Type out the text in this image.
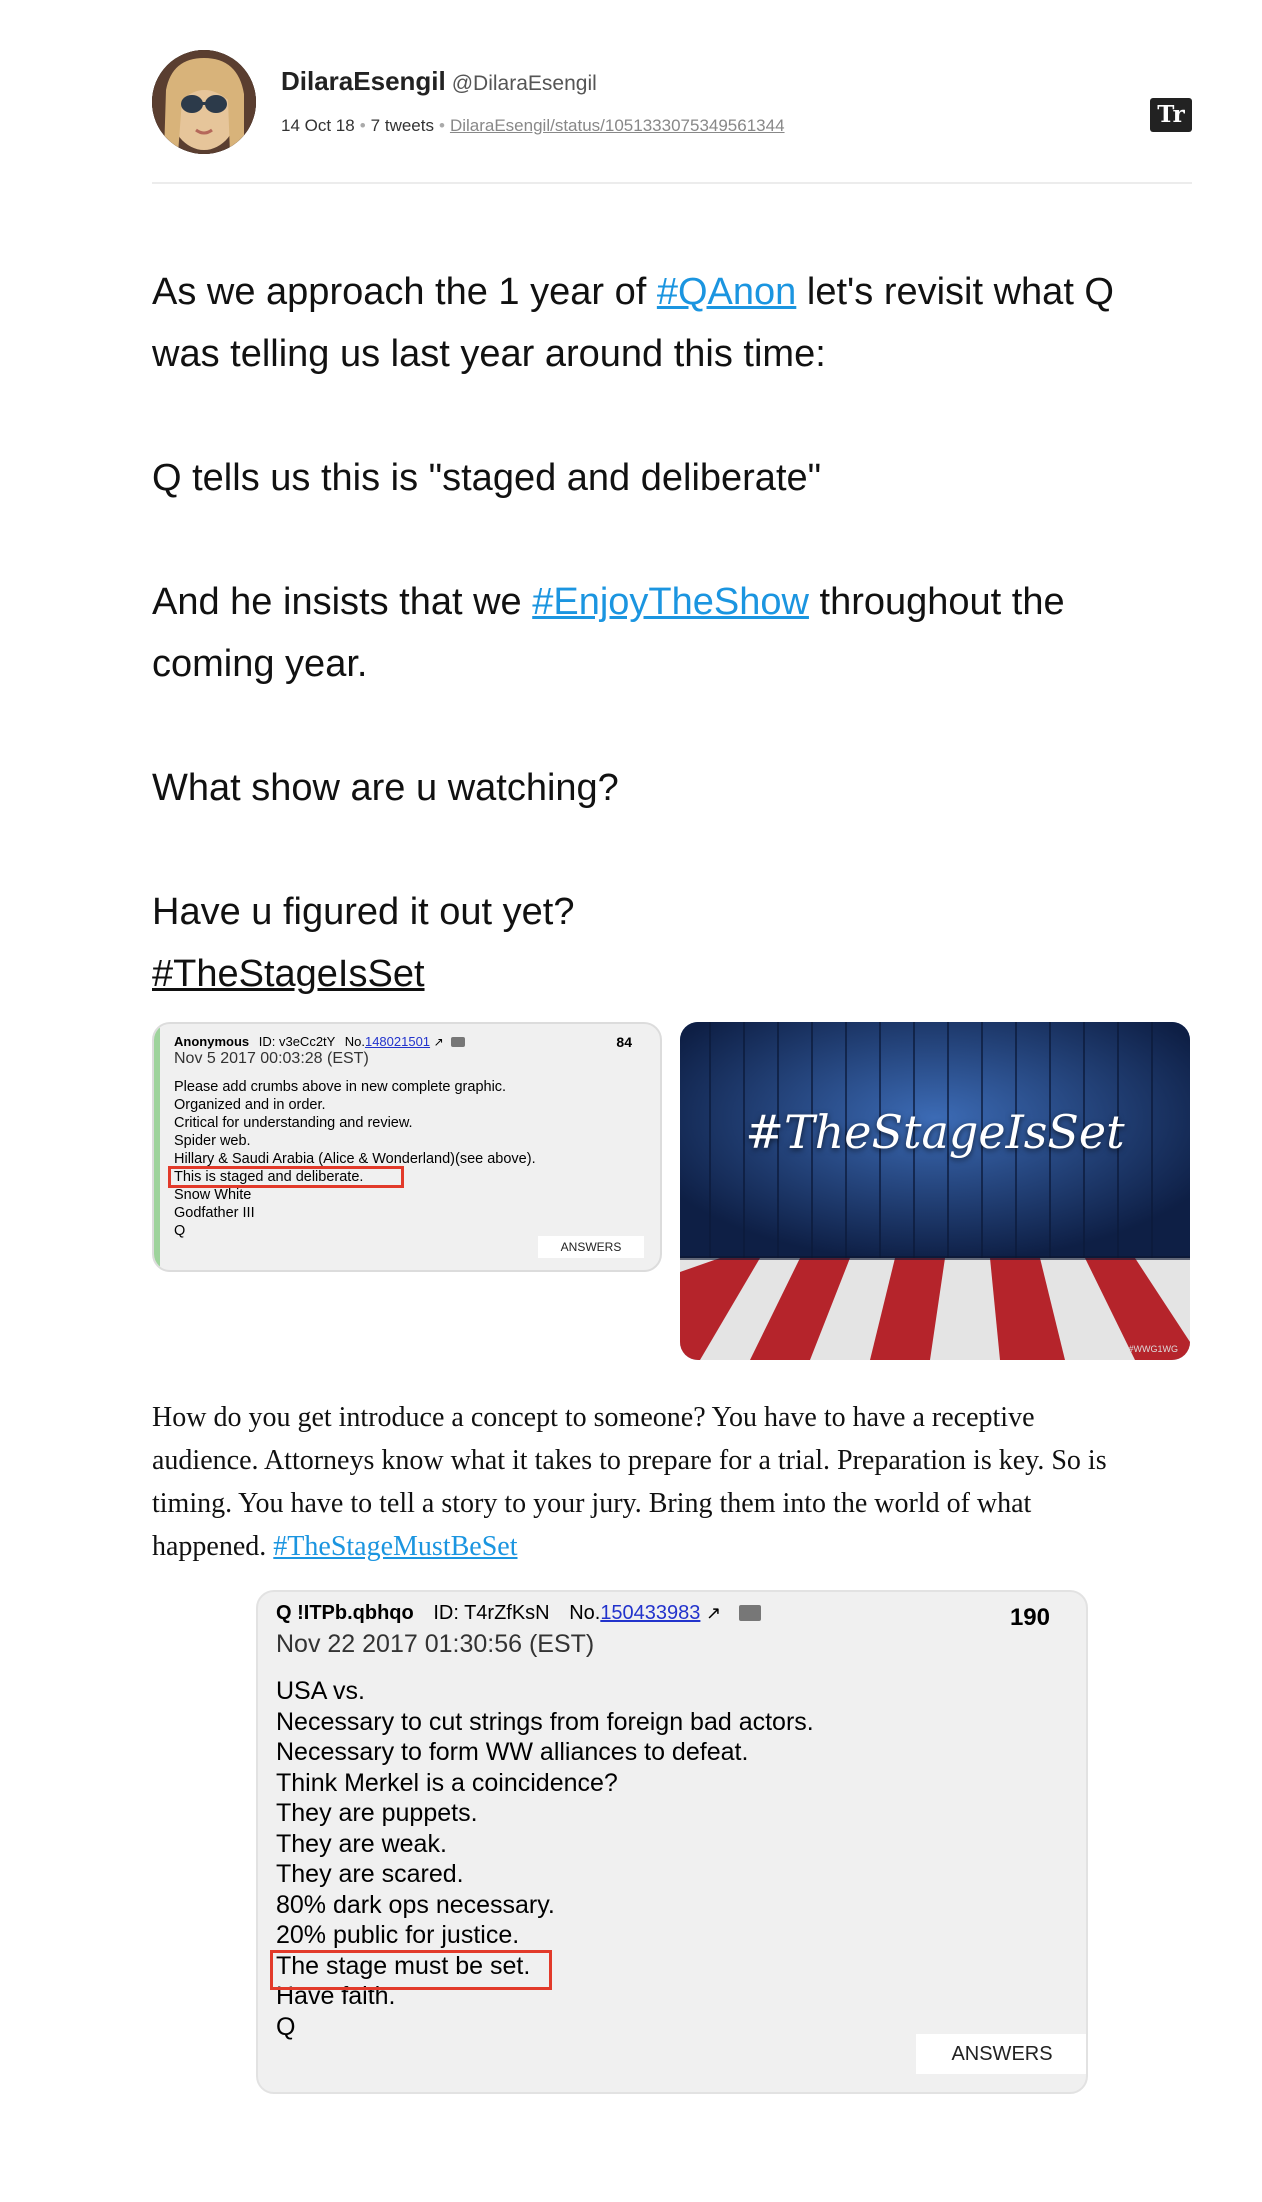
DilaraEsengil @DilaraEsengil
14 Oct 18 • 7 tweets • DilaraEsengil/status/1051333075349561344	Tr
As we approach the 1 year of #QAnon let's revisit what Q
was telling us last year around this time:
Q tells us this is "staged and deliberate"
And he insists that we #EnjoyTheShow throughout the
coming year.
What show are u watching?
Have u figured it out yet?
#TheStageIsSet
Anonymous ID: v3eCc2tY No.148021501 ↗	84
Nov 5 2017 00:03:28 (EST)
Please add crumbs above in new complete graphic.
Organized and in order.
Critical for understanding and review.
Spider web.
Hillary & Saudi Arabia (Alice & Wonderland)(see above).
This is staged and deliberate.
Snow White
Godfather III
Q
ANSWERS
#TheStageIsSet
#WWG1WG
How do you get introduce a concept to someone? You have to have a receptive
audience. Attorneys know what it takes to prepare for a trial. Preparation is key. So is
timing. You have to tell a story to your jury. Bring them into the world of what
happened. #TheStageMustBeSet
Q !ITPb.qbhqo ID: T4rZfKsN No.150433983 ↗	190
Nov 22 2017 01:30:56 (EST)
USA vs.
Necessary to cut strings from foreign bad actors.
Necessary to form WW alliances to defeat.
Think Merkel is a coincidence?
They are puppets.
They are weak.
They are scared.
80% dark ops necessary.
20% public for justice.
The stage must be set.
Have faith.
Q
ANSWERS
